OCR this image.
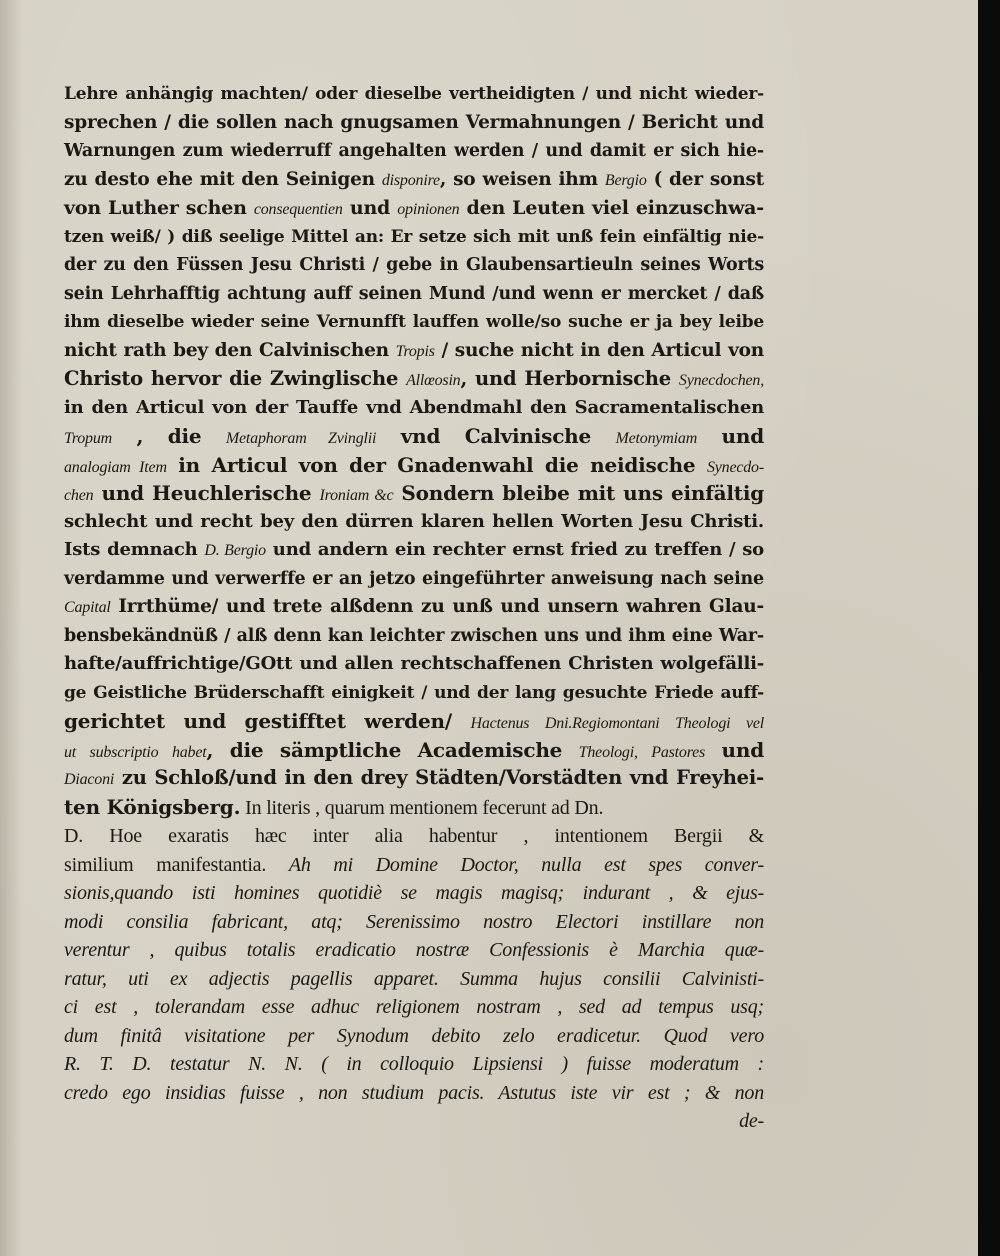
Lehre anhängig machten/ oder dieselbe vertheidigten / und nicht wieder-
sprechen / die sollen nach gnugsamen Vermahnungen / Bericht und
Warnungen zum wiederruff angehalten werden / und damit er sich hie-
zu desto ehe mit den Seinigen disponire, so weisen ihm Bergio ( der sonst
von Luther schen consequentien und opinionen den Leuten viel einzuschwa-
tzen weiß/ ) diß seelige Mittel an: Er setze sich mit unß fein einfältig nie-
der zu den Füssen Jesu Christi / gebe in Glaubensartieuln seines Worts
sein Lehrhafftig achtung auff seinen Mund /und wenn er mercket / daß
ihm dieselbe wieder seine Vernunfft lauffen wolle/so suche er ja bey leibe
nicht rath bey den Calvinischen Tropis / suche nicht in den Articul von
Christo hervor die Zwinglische Allœosin, und Herbornische Synecdochen,
in den Articul von der Tauffe vnd Abendmahl den Sacramentalischen
Tropum , die Metaphoram Zvinglii vnd Calvinische Metonymiam und
analogiam Item in Articul von der Gnadenwahl die neidische Synecdo-
chen und Heuchlerische Ironiam &c Sondern bleibe mit uns einfältig
schlecht und recht bey den dürren klaren hellen Worten Jesu Christi.
Ists demnach D. Bergio und andern ein rechter ernst fried zu treffen / so
verdamme und verwerffe er an jetzo eingeführter anweisung nach seine
Capital Irrthüme/ und trete alßdenn zu unß und unsern wahren Glau-
bensbekändnüß / alß denn kan leichter zwischen uns und ihm eine War-
hafte/auffrichtige/GOtt und allen rechtschaffenen Christen wolgefälli-
ge Geistliche Brüderschafft einigkeit / und der lang gesuchte Friede auff-
gerichtet und gestifftet werden/ Hactenus Dni.Regiomontani Theologi vel
ut subscriptio habet, die sämptliche Academische Theologi, Pastores und
Diaconi zu Schloß/und in den drey Städten/Vorstädten vnd Freyhei-
ten Königsberg. In literis , quarum mentionem fecerunt ad Dn.
D. Hoe exaratis hæc inter alia habentur , intentionem Bergii &
similium manifestantia. Ah mi Domine Doctor, nulla est spes conver-
sionis,quando isti homines quotidiè se magis magisq; indurant , & ejus-
modi consilia fabricant, atq; Serenissimo nostro Electori instillare non
verentur , quibus totalis eradicatio nostræ Confessionis è Marchia quæ-
ratur, uti ex adjectis pagellis apparet. Summa hujus consilii Calvinisti-
ci est , tolerandam esse adhuc religionem nostram , sed ad tempus usq;
dum finitâ visitatione per Synodum debito zelo eradicetur. Quod vero
R. T. D. testatur N. N. ( in colloquio Lipsiensi ) fuisse moderatum :
credo ego insidias fuisse , non studium pacis. Astutus iste vir est ; & non
de-
